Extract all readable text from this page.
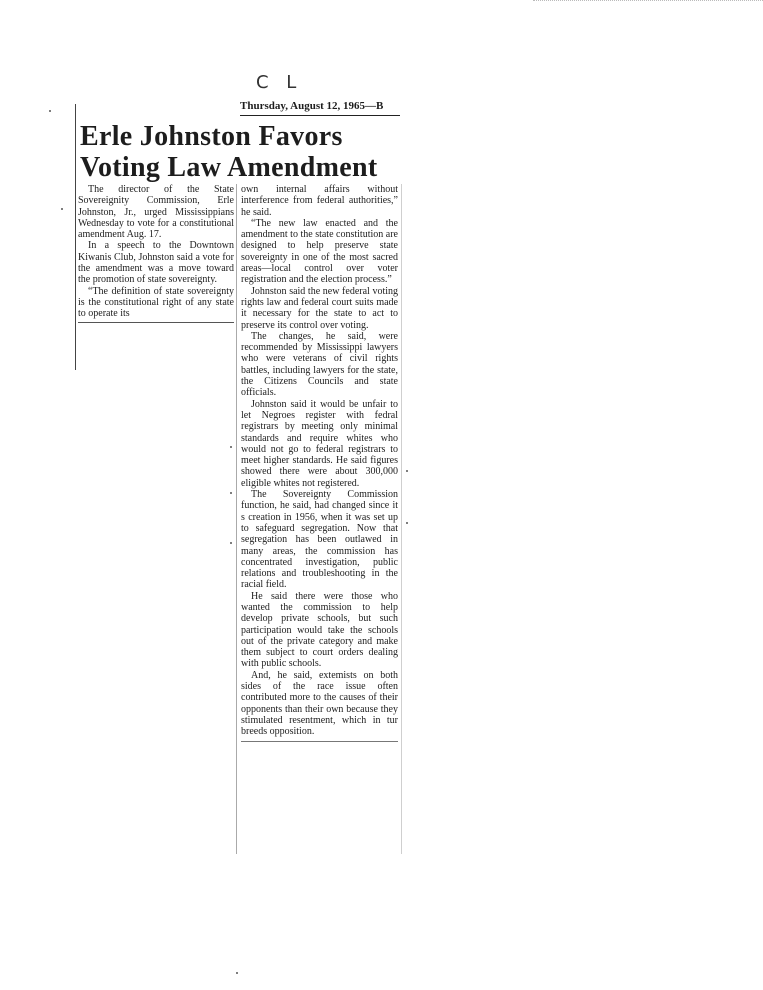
C L
Thursday, August 12, 1965—B
Erle Johnston Favors
Voting Law Amendment

The director of the State Sovereignity Commission, Erle Johnston, Jr., urged Mississippians Wednesday to vote for a constitutional amendment Aug. 17.

In a speech to the Downtown Kiwanis Club, Johnston said a vote for the amendment was a move toward the promotion of state sovereignty.

“The definition of state sovereignty is the constitutional right of any state to operate its

own internal affairs without interference from federal authorities,” he said.

“The new law enacted and the amendment to the state constitution are designed to help preserve state sovereignty in one of the most sacred areas—local control over voter registration and the election process.”

Johnston said the new federal voting rights law and federal court suits made it necessary for the state to act to preserve its control over voting.

The changes, he said, were recommended by Mississippi lawyers who were veterans of civil rights battles, including lawyers for the state, the Citizens Councils and state officials.

Johnston said it would be unfair to let Negroes register with fedral registrars by meeting only minimal standards and require whites who would not go to federal registrars to meet higher standards. He said figures showed there were about 300,000 eligible whites not registered.

The Sovereignty Commission function, he said, had changed since it s creation in 1956, when it was set up to safeguard segregation. Now that segregation has been outlawed in many areas, the commission has concentrated investigation, public relations and troubleshooting in the racial field.

He said there were those who wanted the commission to help develop private schools, but such participation would take the schools out of the private category and make them subject to court orders dealing with public schools.

And, he said, extemists on both sides of the race issue often contributed more to the causes of their opponents than their own because they stimulated resentment, which in tur breeds opposition.
